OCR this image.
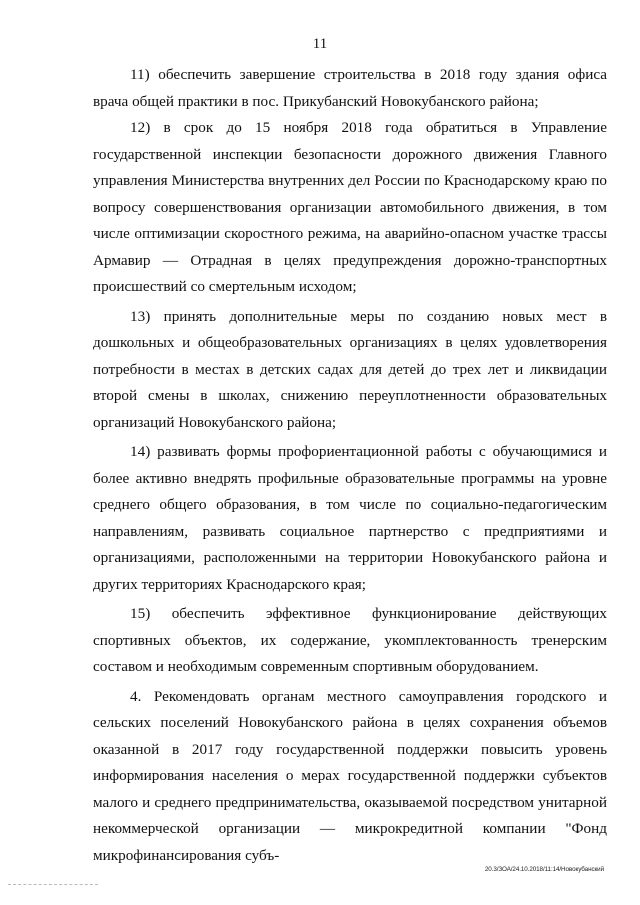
11

11) обеспечить завершение строительства в 2018 году здания офиса врача общей практики в пос. Прикубанский Новокубанского района;

12) в срок до 15 ноября 2018 года обратиться в Управление государственной инспекции безопасности дорожного движения Главного управления Министерства внутренних дел России по Краснодарскому краю по вопросу совершенствования организации автомобильного движения, в том числе оптимизации скоростного режима, на аварийно-опасном участке трассы Армавир — Отрадная в целях предупреждения дорожно-транспортных происшествий со смертельным исходом;

13) принять дополнительные меры по созданию новых мест в дошкольных и общеобразовательных организациях в целях удовлетворения потребности в местах в детских садах для детей до трех лет и ликвидации второй смены в школах, снижению переуплотненности образовательных организаций Новокубанского района;

14) развивать формы профориентационной работы с обучающимися и более активно внедрять профильные образовательные программы на уровне среднего общего образования, в том числе по социально-педагогическим направлениям, развивать социальное партнерство с предприятиями и организациями, расположенными на территории Новокубанского района и других территориях Краснодарского края;

15) обеспечить эффективное функционирование действующих спортивных объектов, их содержание, укомплектованность тренерским составом и необходимым современным спортивным оборудованием.

4. Рекомендовать органам местного самоуправления городского и сельских поселений Новокубанского района в целях сохранения объемов оказанной в 2017 году государственной поддержки повысить уровень информирования населения о мерах государственной поддержки субъектов малого и среднего предпринимательства, оказываемой посредством унитарной некоммерческой организации — микрокредитной компании "Фонд микрофинансирования субъ-

20.3/ЗОА/24.10.2018/11:14/Новокубанский
